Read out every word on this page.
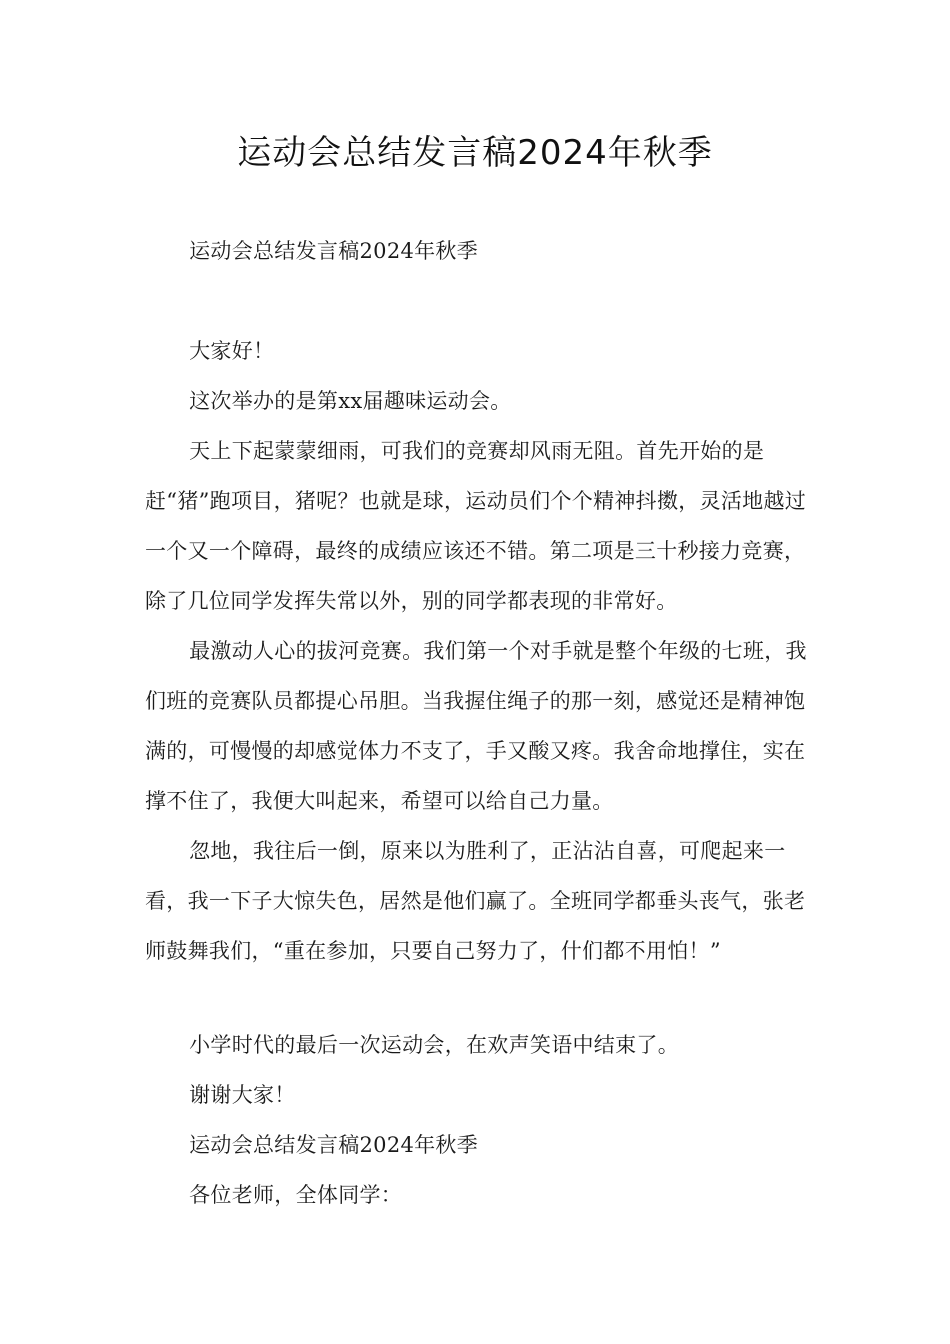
运动会总结发言稿2024年秋季

运动会总结发言稿2024年秋季

大家好！

这次举办的是第xx届趣味运动会。

天上下起蒙蒙细雨，可我们的竞赛却风雨无阻。首先开始的是赶“猪”跑项目，猪呢？也就是球，运动员们个个精神抖擞，灵活地越过一个又一个障碍，最终的成绩应该还不错。第二项是三十秒接力竞赛，除了几位同学发挥失常以外，别的同学都表现的非常好。

最激动人心的拔河竞赛。我们第一个对手就是整个年级的七班，我们班的竞赛队员都提心吊胆。当我握住绳子的那一刻，感觉还是精神饱满的，可慢慢的却感觉体力不支了，手又酸又疼。我舍命地撑住，实在撑不住了，我便大叫起来，希望可以给自己力量。

忽地，我往后一倒，原来以为胜利了，正沾沾自喜，可爬起来一看，我一下子大惊失色，居然是他们赢了。全班同学都垂头丧气，张老师鼓舞我们，“重在参加，只要自己努力了，什们都不用怕！”

小学时代的最后一次运动会，在欢声笑语中结束了。

谢谢大家！

运动会总结发言稿2024年秋季

各位老师，全体同学：
